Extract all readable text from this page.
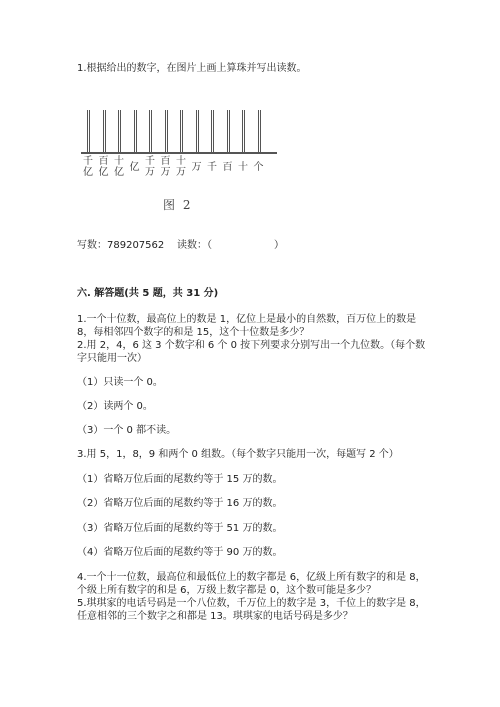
1.根据给出的数字，在图片上画上算珠并写出读数。
千
亿
百
亿
十
亿 亿
千
万
百
万
十
万 万 千 百 十 个
图 2
写数：789207562 读数：（	）
六. 解答题(共 5 题，共 31 分)
1.一个十位数，最高位上的数是 1，亿位上是最小的自然数，百万位上的数是
8，每相邻四个数字的和是 15，这个十位数是多少？
2.用 2，4，6 这 3 个数字和 6 个 0 按下列要求分别写出一个九位数。（每个数
字只能用一次）
（1）只读一个 0。
（2）读两个 0。
（3）一个 0 都不读。
3.用 5，1，8，9 和两个 0 组数。（每个数字只能用一次，每题写 2 个）
（1）省略万位后面的尾数约等于 15 万的数。
（2）省略万位后面的尾数约等于 16 万的数。
（3）省略万位后面的尾数约等于 51 万的数。
（4）省略万位后面的尾数约等于 90 万的数。
4.一个十一位数，最高位和最低位上的数字都是 6，亿级上所有数字的和是 8，
个级上所有数字的和是 6，万级上数字都是 0，这个数可能是多少？
5.琪琪家的电话号码是一个八位数，千万位上的数字是 3，千位上的数字是 8，
任意相邻的三个数字之和都是 13。琪琪家的电话号码是多少？
